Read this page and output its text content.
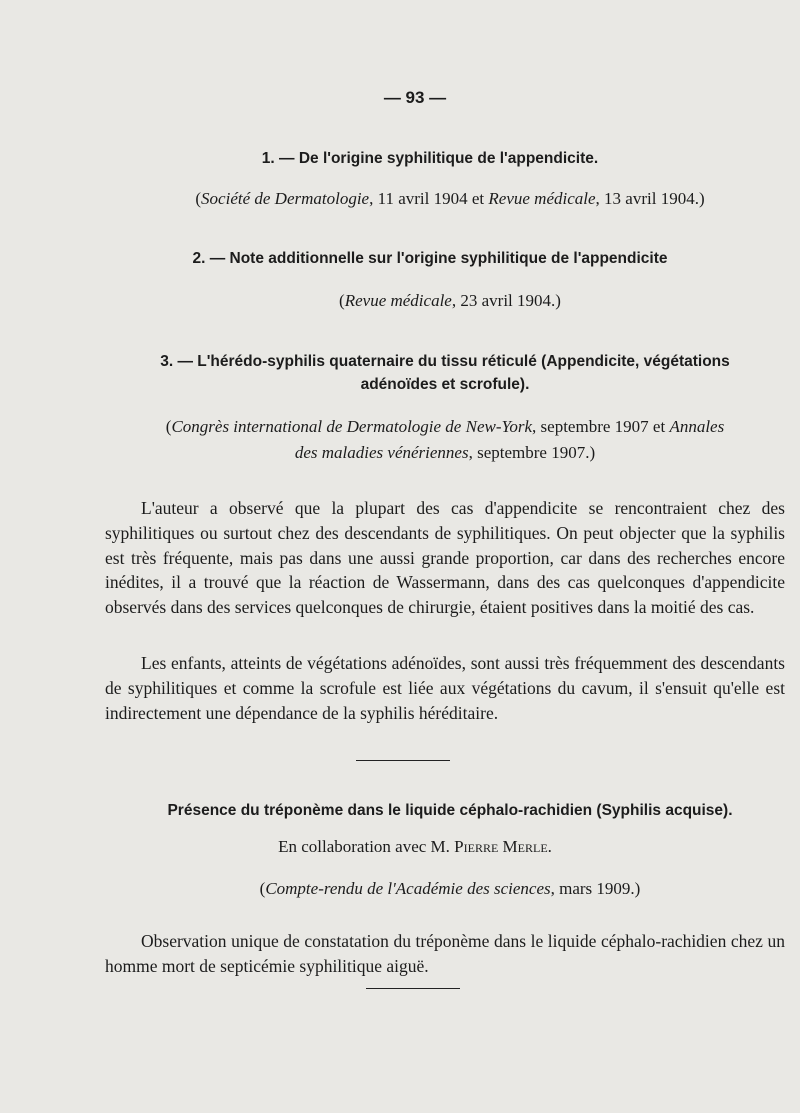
— 93 —
1. — De l'origine syphilitique de l'appendicite.
(Société de Dermatologie, 11 avril 1904 et Revue médicale, 13 avril 1904.)
2. — Note additionnelle sur l'origine syphilitique de l'appendicite
(Revue médicale, 23 avril 1904.)
3. — L'hérédo-syphilis quaternaire du tissu réticulé (Appendicite, végétations
adénoïdes et scrofule).
(Congrès international de Dermatologie de New-York, septembre 1907 et Annales
des maladies vénériennes, septembre 1907.)
L'auteur a observé que la plupart des cas d'appendicite se rencontraient chez des syphilitiques ou surtout chez des descendants de syphilitiques. On peut objecter que la syphilis est très fréquente, mais pas dans une aussi grande proportion, car dans des recherches encore inédites, il a trouvé que la réaction de Wassermann, dans des cas quelconques d'appendicite observés dans des services quelconques de chirurgie, étaient positives dans la moitié des cas.
Les enfants, atteints de végétations adénoïdes, sont aussi très fréquemment des descendants de syphilitiques et comme la scrofule est liée aux végétations du cavum, il s'ensuit qu'elle est indirectement une dépendance de la syphilis héréditaire.
Présence du tréponème dans le liquide céphalo-rachidien (Syphilis acquise).
En collaboration avec M. Pierre Merle.
(Compte-rendu de l'Académie des sciences, mars 1909.)
Observation unique de constatation du tréponème dans le liquide céphalo-rachidien chez un homme mort de septicémie syphilitique aiguë.
